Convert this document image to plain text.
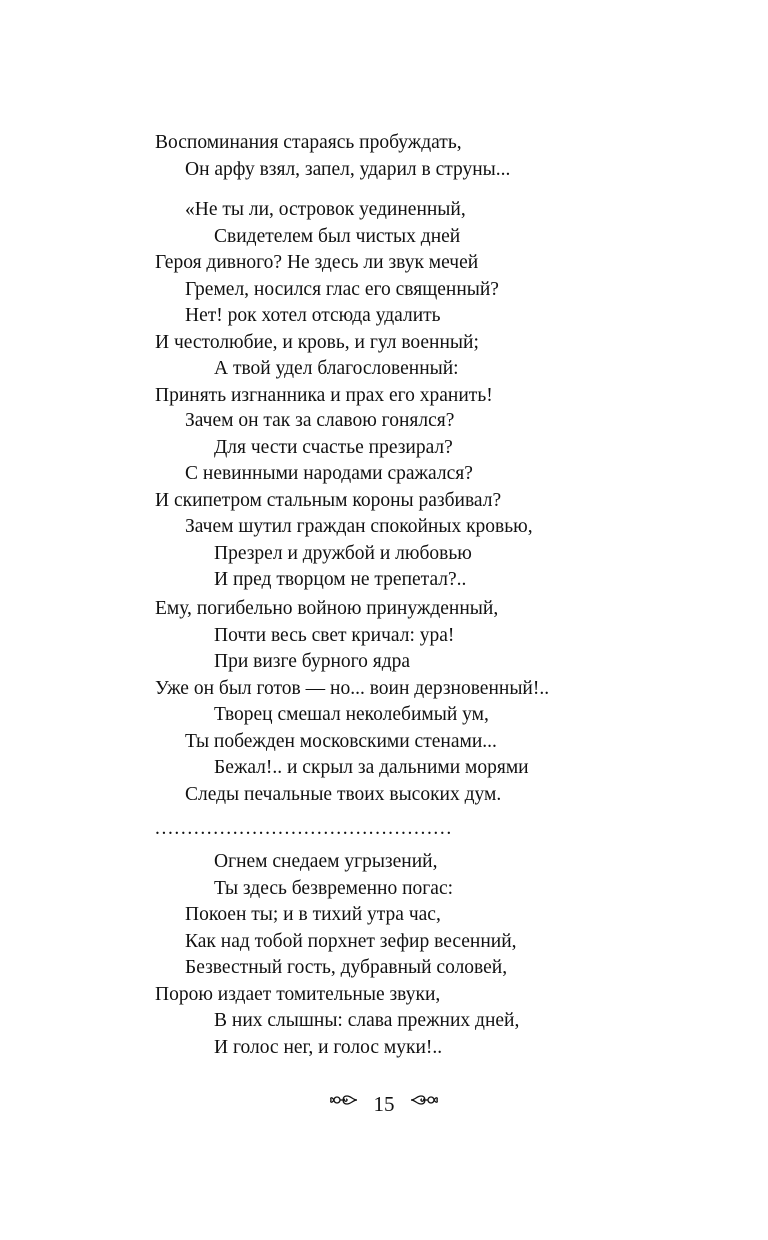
Воспоминания стараясь пробуждать,
Он арфу взял, запел, ударил в струны...
«Не ты ли, островок уединенный,
Свидетелем был чистых дней
Героя дивного? Не здесь ли звук мечей
Гремел, носился глас его священный?
Нет! рок хотел отсюда удалить
И честолюбие, и кровь, и гул военный;
А твой удел благословенный:
Принять изгнанника и прах его хранить!
Зачем он так за славою гонялся?
Для чести счастье презирал?
С невинными народами сражался?
И скипетром стальным короны разбивал?
Зачем шутил граждан спокойных кровью,
Презрел и дружбой и любовью
И пред творцом не трепетал?..
Ему, погибельно войною принужденный,
Почти весь свет кричал: ура!
При визге бурного ядра
Уже он был готов — но... воин дерзновенный!..
Творец смешал неколебимый ум,
Ты побежден московскими стенами...
Бежал!.. и скрыл за дальними морями
Следы печальные твоих высоких дум.
Огнем снедаем угрызений,
Ты здесь безвременно погас:
Покоен ты; и в тихий утра час,
Как над тобой порхнет зефир весенний,
Безвестный гость, дубравный соловей,
Порою издает томительные звуки,
В них слышны: слава прежних дней,
И голос нег, и голос муки!..
..............................................
15
